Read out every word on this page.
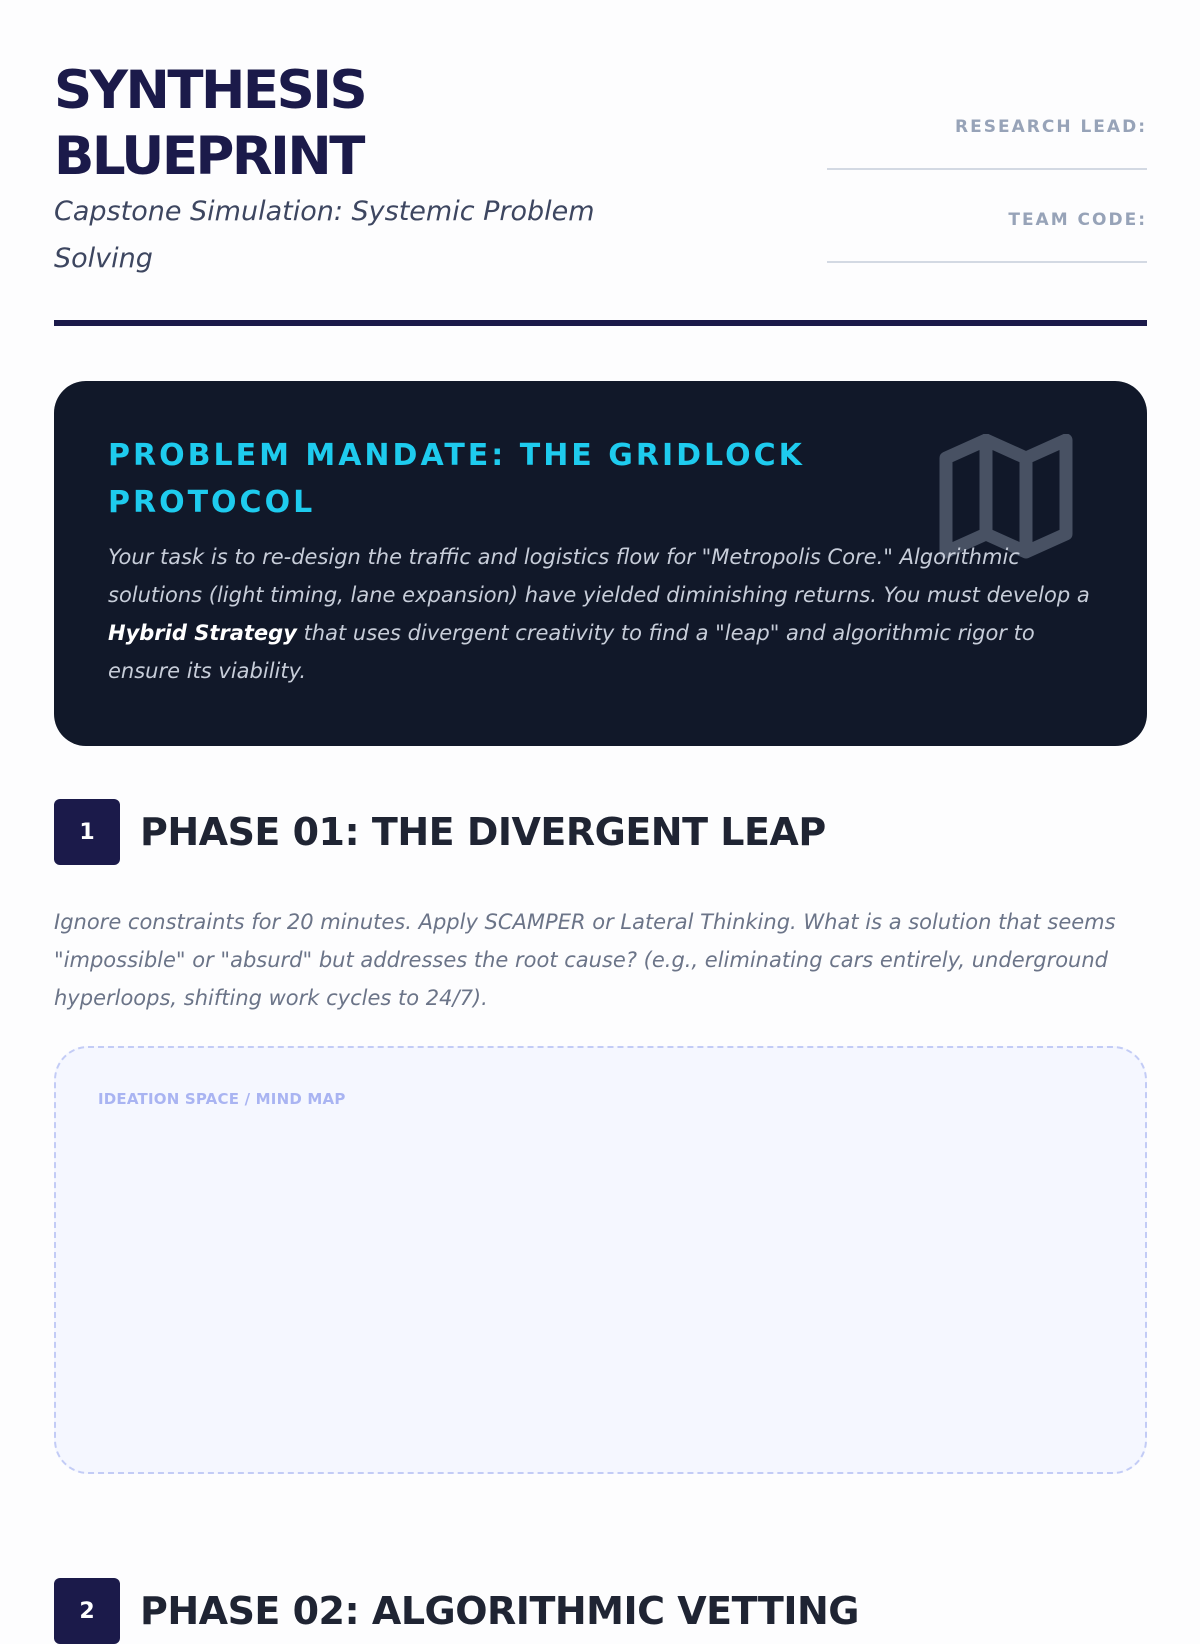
SYNTHESIS
BLUEPRINT

Capstone Simulation: Systemic Problem Solving

RESEARCH LEAD:
TEAM CODE:
PROBLEM MANDATE: THE GRIDLOCK PROTOCOL

Your task is to re-design the traffic and logistics flow for "Metropolis Core." Algorithmic solutions (light timing, lane expansion) have yielded diminishing returns. You must develop a Hybrid Strategy that uses divergent creativity to find a "leap" and algorithmic rigor to ensure its viability.

1	PHASE 01: THE DIVERGENT LEAP

Ignore constraints for 20 minutes. Apply SCAMPER or Lateral Thinking. What is a solution that seems "impossible" or "absurd" but addresses the root cause? (e.g., eliminating cars entirely, underground hyperloops, shifting work cycles to 24/7).

IDEATION SPACE / MIND MAP
2	PHASE 02: ALGORITHMIC VETTING
